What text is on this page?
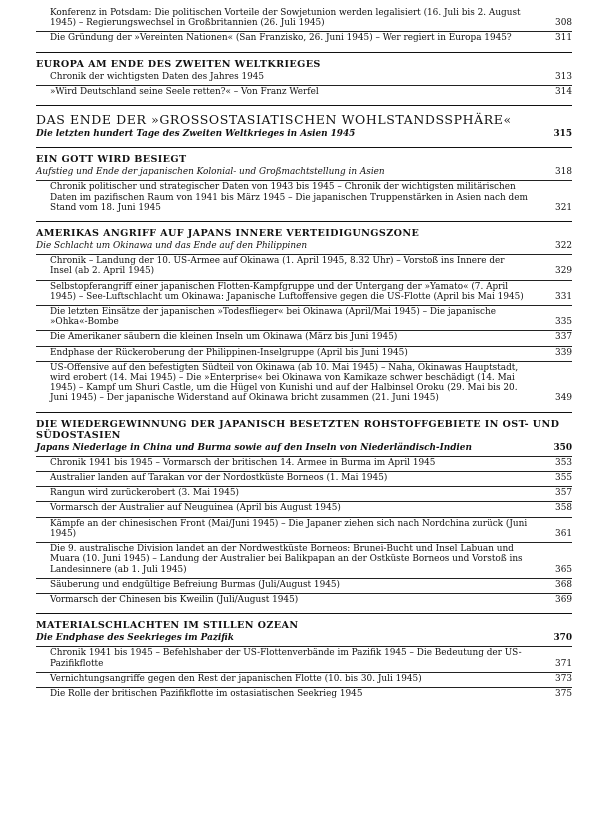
Konferenz in Potsdam: Die politischen Vorteile der Sowjetunion werden legalisiert (16. Juli bis 2. August 1945) – Regierungswechsel in Großbritannien (26. Juli 1945)	308
Die Gründung der »Vereinten Nationen« (San Franzisko, 26. Juni 1945) – Wer regiert in Europa 1945?	311
EUROPA AM ENDE DES ZWEITEN WELTKRIEGES
Chronik der wichtigsten Daten des Jahres 1945	313
»Wird Deutschland seine Seele retten?« – Von Franz Werfel	314
DAS ENDE DER »GROSSOSTASIATISCHEN WOHLSTANDSSPHÄRE«
Die letzten hundert Tage des Zweiten Weltkrieges in Asien 1945	315
EIN GOTT WIRD BESIEGT
Aufstieg und Ende der japanischen Kolonial- und Großmachtstellung in Asien	318
Chronik politischer und strategischer Daten von 1943 bis 1945 – Chronik der wichtigsten militärischen Daten im pazifischen Raum von 1941 bis März 1945 – Die japanischen Truppenstärken in Asien nach dem Stand vom 18. Juni 1945	321
AMERIKAS ANGRIFF AUF JAPANS INNERE VERTEIDIGUNGSZONE
Die Schlacht um Okinawa und das Ende auf den Philippinen	322
Chronik – Landung der 10. US-Armee auf Okinawa (1. April 1945, 8.32 Uhr) – Vorstoß ins Innere der Insel (ab 2. April 1945)	329
Selbstopferangriff einer japanischen Flotten-Kampfgruppe und der Untergang der »Yamato« (7. April 1945) – See-Luftschlacht um Okinawa: Japanische Luftoffensive gegen die US-Flotte (April bis Mai 1945)	331
Die letzten Einsätze der japanischen »Todesflieger« bei Okinawa (April/Mai 1945) – Die japanische »Ohka«-Bombe	335
Die Amerikaner säubern die kleinen Inseln um Okinawa (März bis Juni 1945)	337
Endphase der Rückeroberung der Philippinen-Inselgruppe (April bis Juni 1945)	339
US-Offensive auf den befestigten Südteil von Okinawa (ab 10. Mai 1945) – Naha, Okinawas Hauptstadt, wird erobert (14. Mai 1945) – Die »Enterprise« bei Okinawa von Kamikaze schwer beschädigt (14. Mai 1945) – Kampf um Shuri Castle, um die Hügel von Kunishi und auf der Halbinsel Oroku (29. Mai bis 20. Juni 1945) – Der japanische Widerstand auf Okinawa bricht zusammen (21. Juni 1945)	349
DIE WIEDERGEWINNUNG DER JAPANISCH BESETZTEN ROHSTOFFGEBIETE IN OST- UND SÜDOSTASIEN
Japans Niederlage in China und Burma sowie auf den Inseln von Niederländisch-Indien	350
Chronik 1941 bis 1945 – Vormarsch der britischen 14. Armee in Burma im April 1945	353
Australier landen auf Tarakan vor der Nordostküste Borneos (1. Mai 1945)	355
Rangun wird zurückerobert (3. Mai 1945)	357
Vormarsch der Australier auf Neuguinea (April bis August 1945)	358
Kämpfe an der chinesischen Front (Mai/Juni 1945) – Die Japaner ziehen sich nach Nordchina zurück (Juni 1945)	361
Die 9. australische Division landet an der Nordwestküste Borneos: Brunei-Bucht und Insel Labuan und Muara (10. Juni 1945) – Landung der Australier bei Balikpapan an der Ostküste Borneos und Vorstoß ins Landesinnere (ab 1. Juli 1945)	365
Säuberung und endgültige Befreiung Burmas (Juli/August 1945)	368
Vormarsch der Chinesen bis Kweilin (Juli/August 1945)	369
MATERIALSCHLACHTEN IM STILLEN OZEAN
Die Endphase des Seekrieges im Pazifik	370
Chronik 1941 bis 1945 – Befehlshaber der US-Flottenverbände im Pazifik 1945 – Die Bedeutung der US-Pazifikflotte	371
Vernichtungsangriffe gegen den Rest der japanischen Flotte (10. bis 30. Juli 1945)	373
Die Rolle der britischen Pazifikflotte im ostasiatischen Seekrieg 1945	375
